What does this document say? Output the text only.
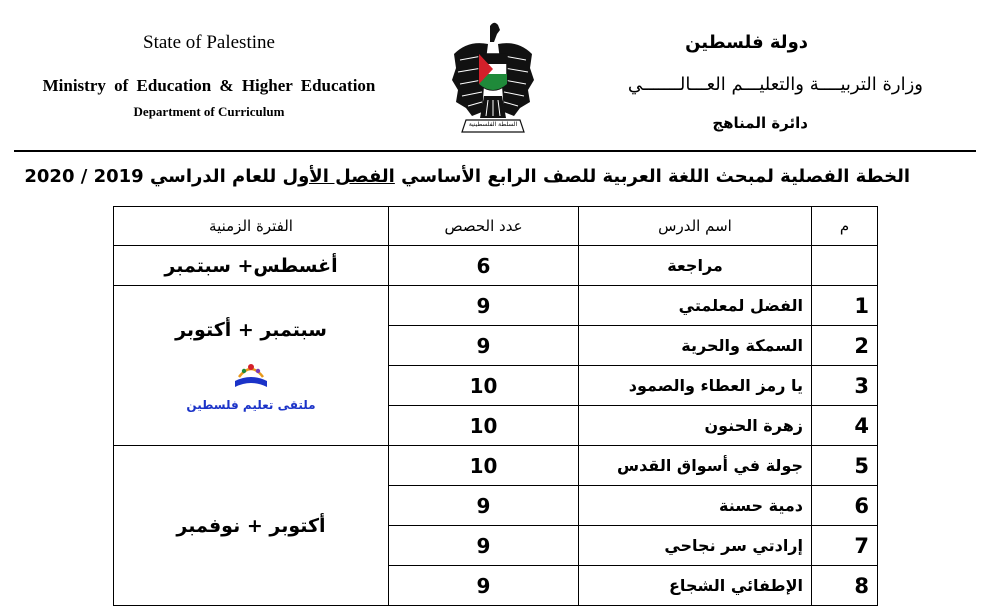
State of Palestine
Ministry of Education & Higher Education
Department of Curriculum
السلطة الفلسطينية
دولة فلسطين
وزارة التربيــــة والتعليـــم العـــالـــــــي
دائرة المناهج
الخطة الفصلية لمبحث اللغة العربية للصف الرابع الأساسي الفصل الأول للعام الدراسي 2019 / 2020
م	اسم الدرس	عدد الحصص	الفترة الزمنية
	مراجعة	6	أغسطس+ سبتمبر
1	الفضل لمعلمتي	9	سبتمبر + أكتوبر
ملتقى تعليم فلسطين

2	السمكة والحرية	9	
3	يا رمز العطاء والصمود	10	
4	زهرة الحنون	10	
5	جولة في أسواق القدس	10	أكتوبر + نوفمبر
6	دمية حسنة	9	
7	إرادتي سر نجاحي	9	
8	الإطفائي الشجاع	9	
